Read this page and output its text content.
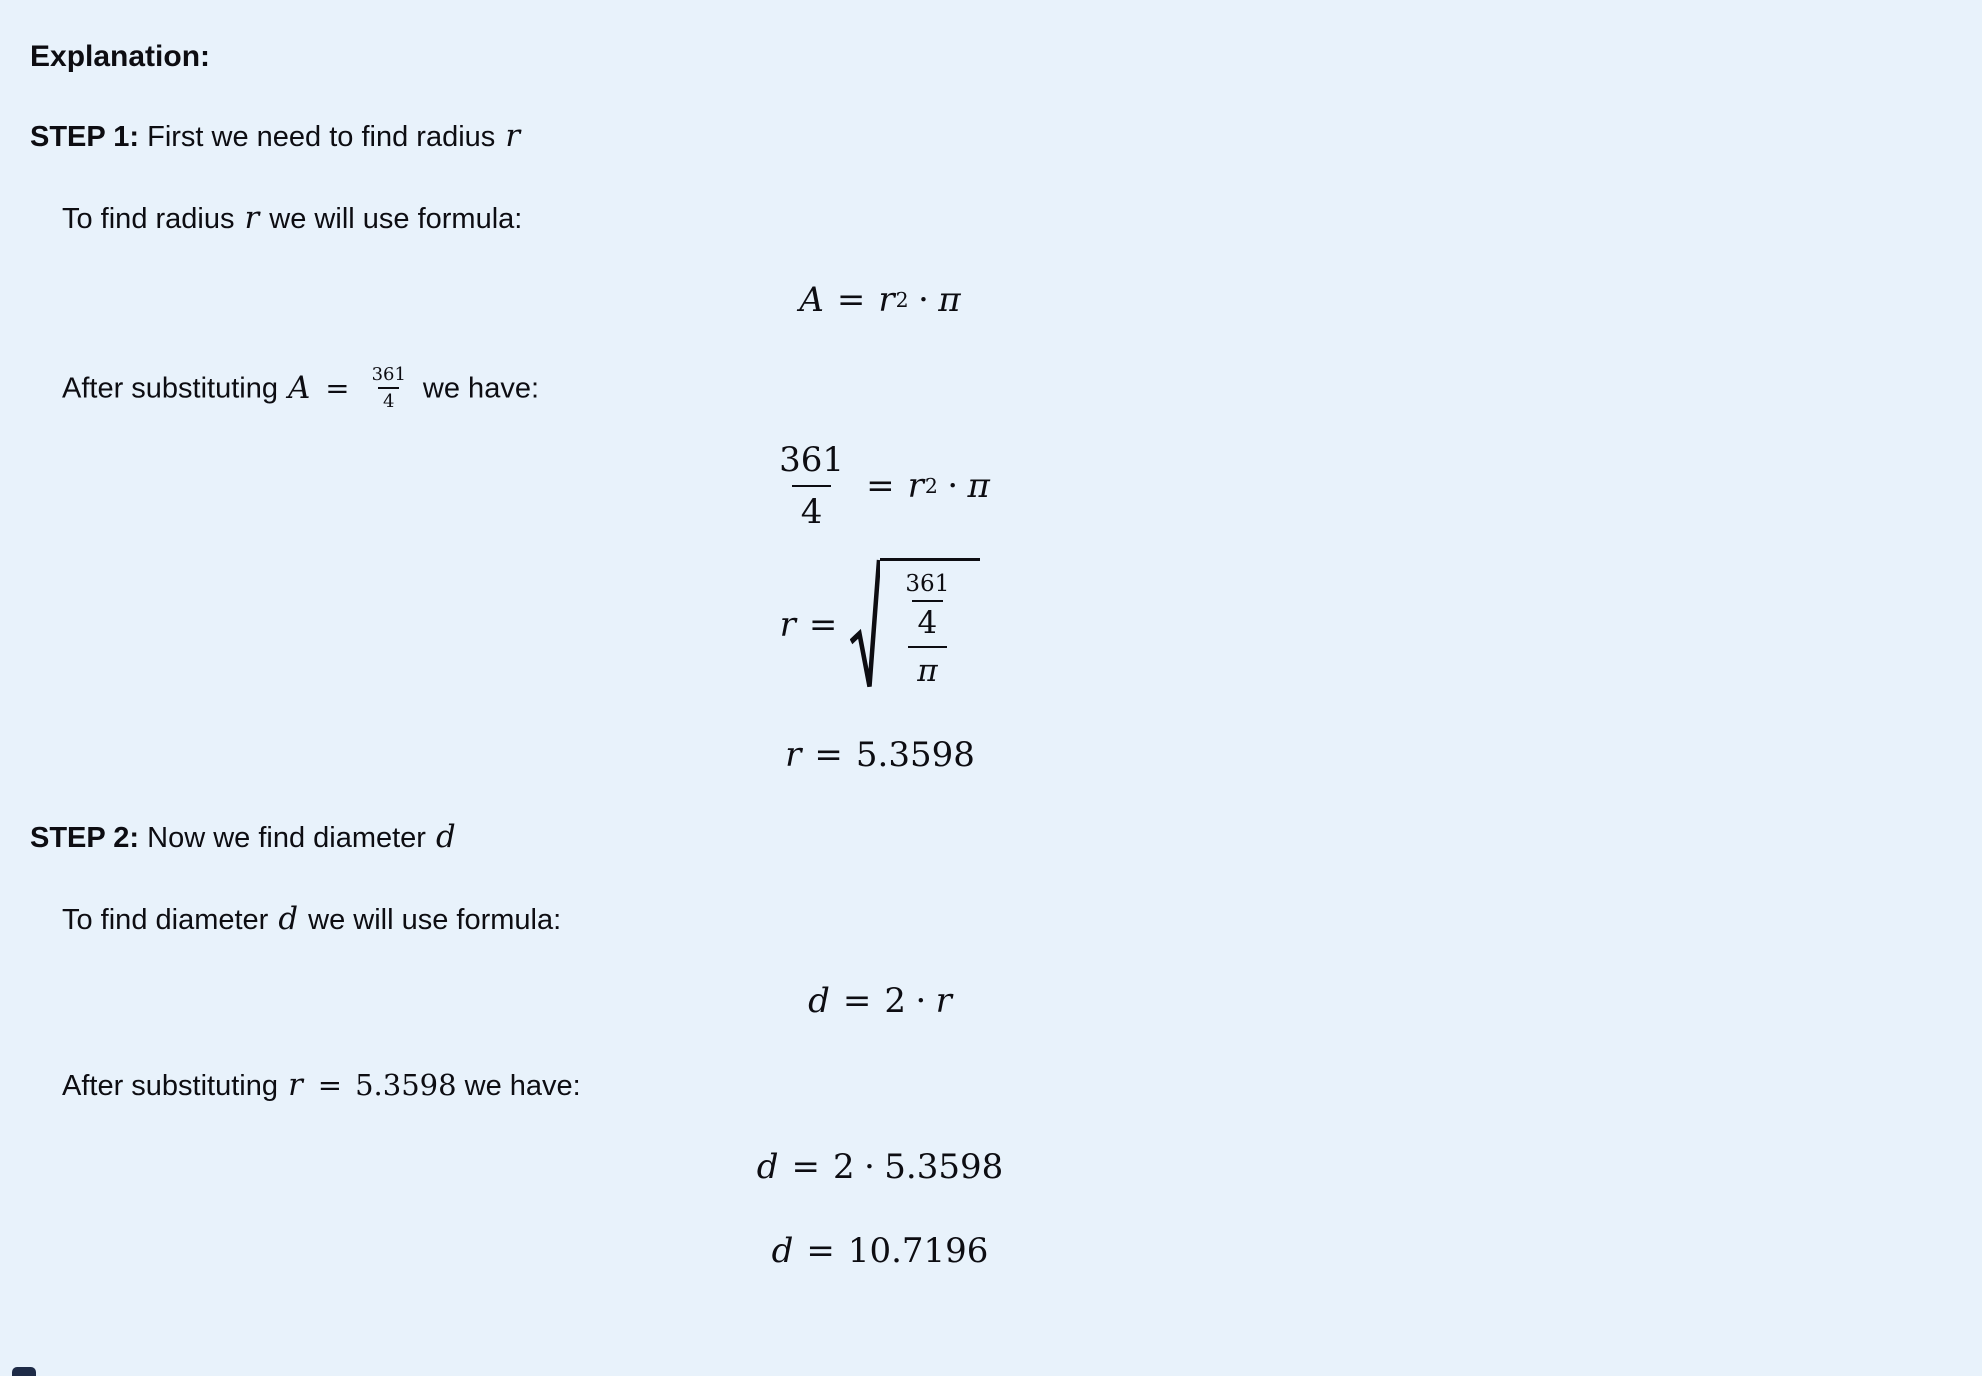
Explanation:

STEP 1: First we need to find radius r

To find radius r we will use formula:

A = r 2 ⋅ π

After substituting $A = \frac{361}{4}$ we have:

$\frac{361}{4} = r$ 2 ⋅ π
$r = \frac{\frac{361}{4}}{\pi}$
r = 5.3598

STEP 2: Now we find diameter d

To find diameter d we will use formula:

d = 2 ⋅ r

After substituting r = 5.3598 we have:

d = 2 ⋅ 5.3598
d = 10.7196
